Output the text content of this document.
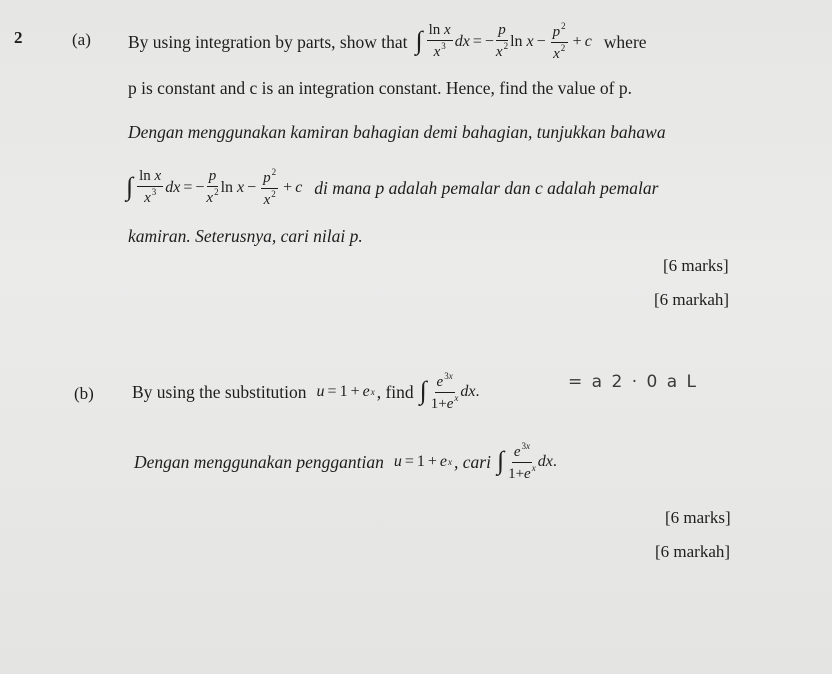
2	(a) By using integration by parts, show that ∫ $\frac{\text{ln x}}{x^3}$ dx = − $\frac{p}{x^2}$ $\ln x - \frac{p^2}{x^2} + c$ where
p is constant and c is an integration constant. Hence, find the value of p.
Dengan menggunakan kamiran bahagian demi bahagian, tunjukkan bahawa
∫ $\frac{\text{ln x}}{x^3}$ dx = − $\frac{p}{x^2}$ $\ln x - \frac{p^2}{x^2} + c$ di mana p adalah pemalar dan c adalah pemalar
kamiran. Seterusnya, cari nilai p.
[6 marks]
[6 markah]
(b) By using the substitution u = 1 + e x , find ∫ $\frac{e^{3x}}{1+e^x}$ dx .	= a 2 · 0 a L
Dengan menggunakan penggantian u = 1 + e x , cari ∫ $\frac{e^{3x}}{1+e^x}$ dx .
[6 marks]
[6 markah]
